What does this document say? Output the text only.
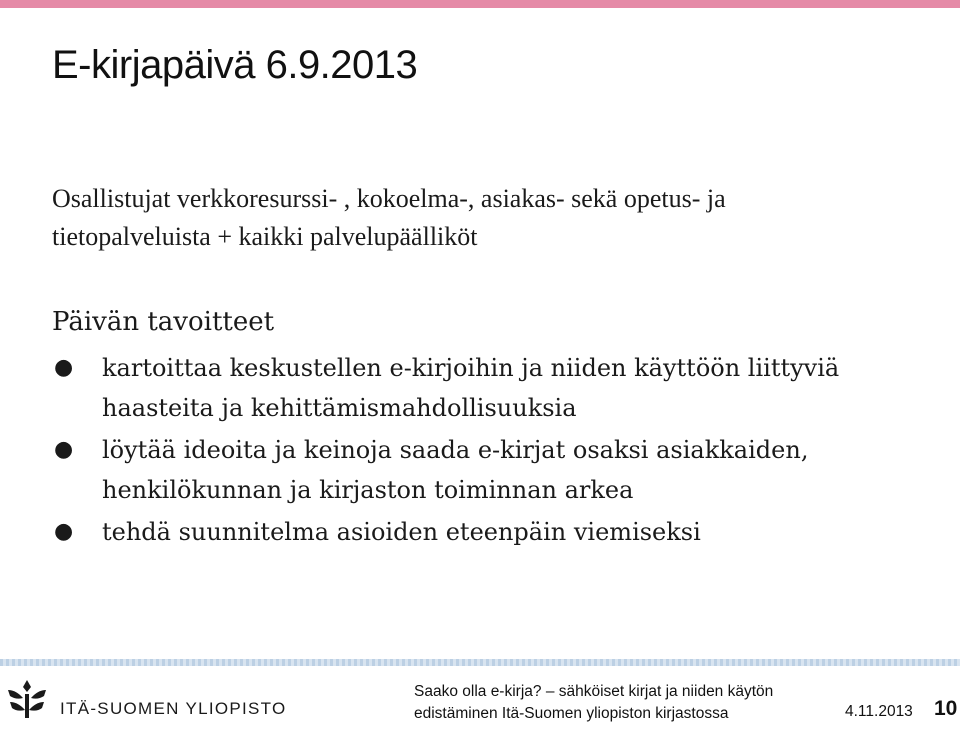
E-kirjapäivä 6.9.2013
Osallistujat verkkoresurssi- , kokoelma-, asiakas- sekä opetus- ja
tietopalveluista + kaikki palvelupäälliköt
Päivän tavoitteet
● kartoittaa keskustellen e-kirjoihin ja niiden käyttöön liittyviä
haasteita ja kehittämismahdollisuuksia
● löytää ideoita ja keinoja saada e-kirjat osaksi asiakkaiden,
henkilökunnan ja kirjaston toiminnan arkea
● tehdä suunnitelma asioiden eteenpäin viemiseksi
ITÄ-SUOMEN YLIOPISTO
Saako olla e-kirja? – sähköiset kirjat ja niiden käytön
edistäminen Itä-Suomen yliopiston kirjastossa	4.11.2013 10
